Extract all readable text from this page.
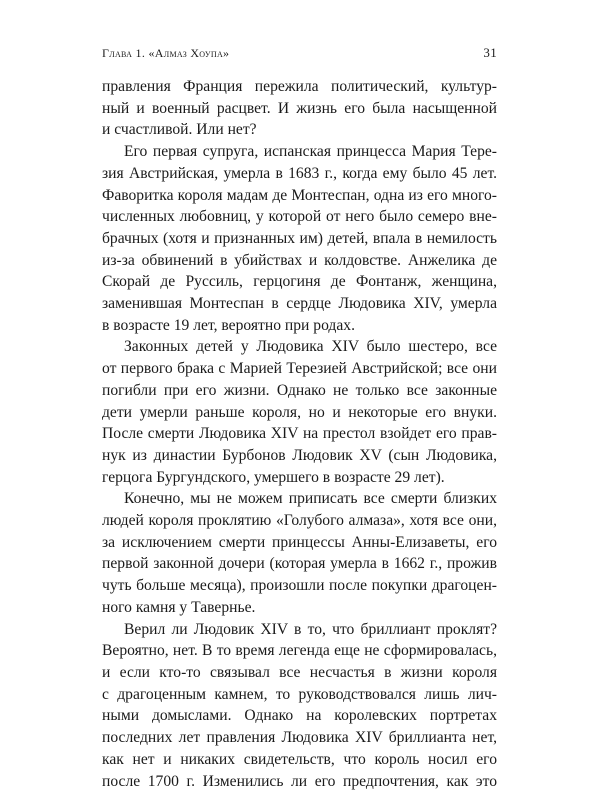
Глава 1. «Алмаз Хоупа»	31

правления Франция пережила политический, культур-
ный и военный расцвет. И жизнь его была насыщенной
и счастливой. Или нет?

Его первая супруга, испанская принцесса Мария Тере-
зия Австрийская, умерла в 1683 г., когда ему было 45 лет.
Фаворитка короля мадам де Монтеспан, одна из его много-
численных любовниц, у которой от него было семеро вне-
брачных (хотя и признанных им) детей, впала в немилость
из-за обвинений в убийствах и колдовстве. Анжелика де
Скорай де Руссиль, герцогиня де Фонтанж, женщина,
заменившая Монтеспан в сердце Людовика XIV, умерла
в возрасте 19 лет, вероятно при родах.

Законных детей у Людовика XIV было шестеро, все
от первого брака с Марией Терезией Австрийской; все они
погибли при его жизни. Однако не только все законные
дети умерли раньше короля, но и некоторые его внуки.
После смерти Людовика XIV на престол взойдет его прав-
нук из династии Бурбонов Людовик XV (сын Людовика,
герцога Бургундского, умершего в возрасте 29 лет).

Конечно, мы не можем приписать все смерти близких
людей короля проклятию «Голубого алмаза», хотя все они,
за исключением смерти принцессы Анны-Елизаветы, его
первой законной дочери (которая умерла в 1662 г., прожив
чуть больше месяца), произошли после покупки драгоцен-
ного камня у Тавернье.

Верил ли Людовик XIV в то, что бриллиант проклят?
Вероятно, нет. В то время легенда еще не сформировалась,
и если кто-то связывал все несчастья в жизни короля
с драгоценным камнем, то руководствовался лишь лич-
ными домыслами. Однако на королевских портретах
последних лет правления Людовика XIV бриллианта нет,
как нет и никаких свидетельств, что король носил его
после 1700 г. Изменились ли его предпочтения, как это
